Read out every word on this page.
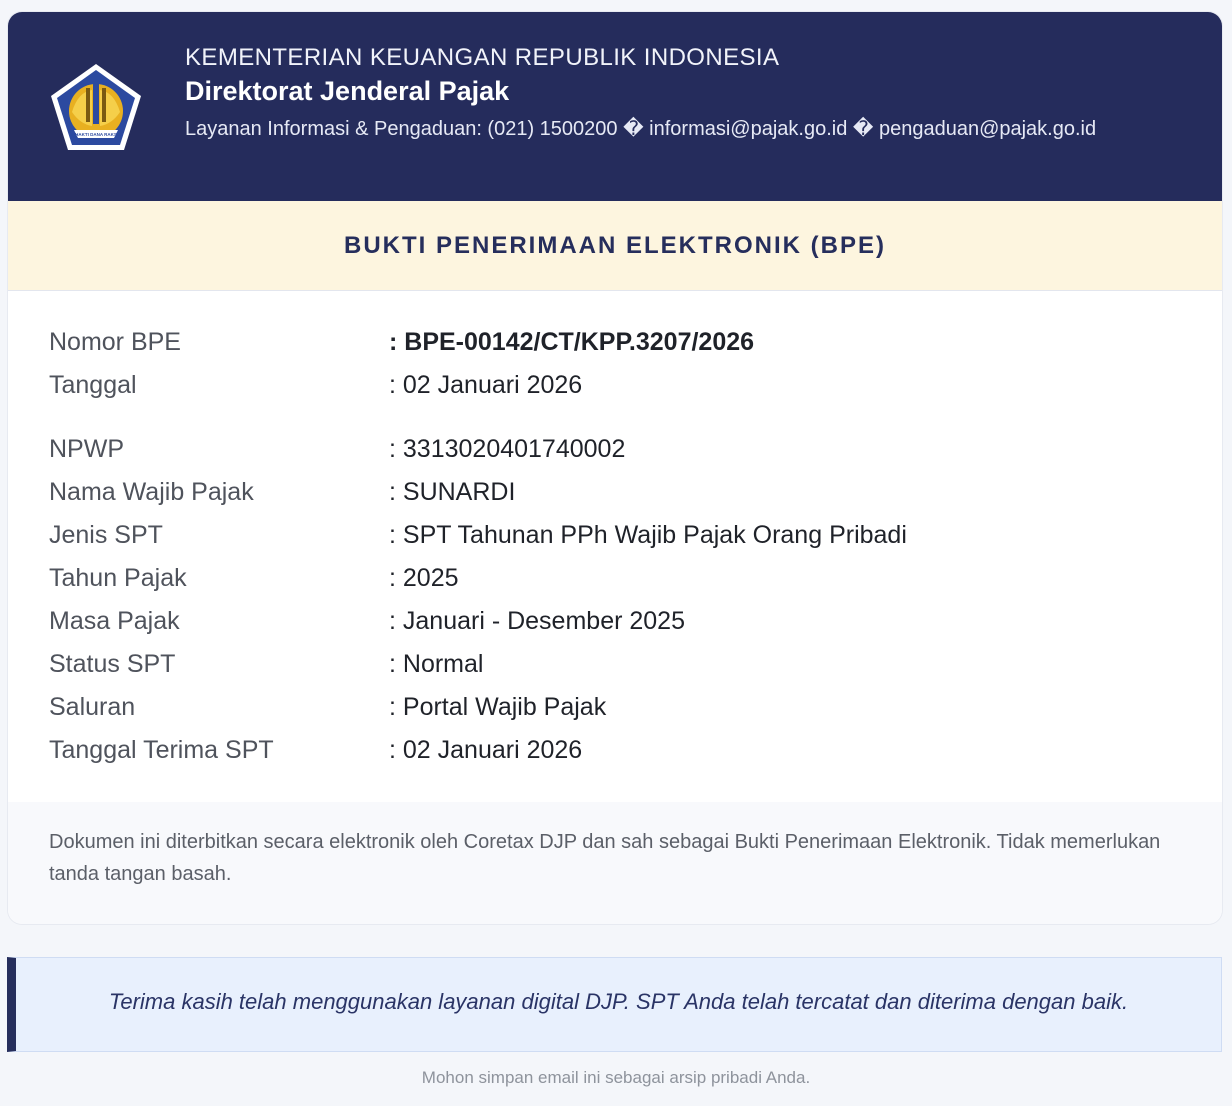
BHAKTI DANA RAKSA
KEMENTERIAN KEUANGAN REPUBLIK INDONESIA
Direktorat Jenderal Pajak
Layanan Informasi & Pengaduan: (021) 1500200 � informasi@pajak.go.id � pengaduan@pajak.go.id
BUKTI PENERIMAAN ELEKTRONIK (BPE)
Nomor BPE	: BPE-00142/CT/KPP.3207/2026
Tanggal	: 02 Januari 2026
NPWP	: 3313020401740002
Nama Wajib Pajak	: SUNARDI
Jenis SPT	: SPT Tahunan PPh Wajib Pajak Orang Pribadi
Tahun Pajak	: 2025
Masa Pajak	: Januari - Desember 2025
Status SPT	: Normal
Saluran	: Portal Wajib Pajak
Tanggal Terima SPT	: 02 Januari 2026

Dokumen ini diterbitkan secara elektronik oleh Coretax DJP dan sah sebagai Bukti Penerimaan Elektronik. Tidak memerlukan tanda tangan basah.

Terima kasih telah menggunakan layanan digital DJP. SPT Anda telah tercatat dan diterima dengan baik.

Mohon simpan email ini sebagai arsip pribadi Anda.
